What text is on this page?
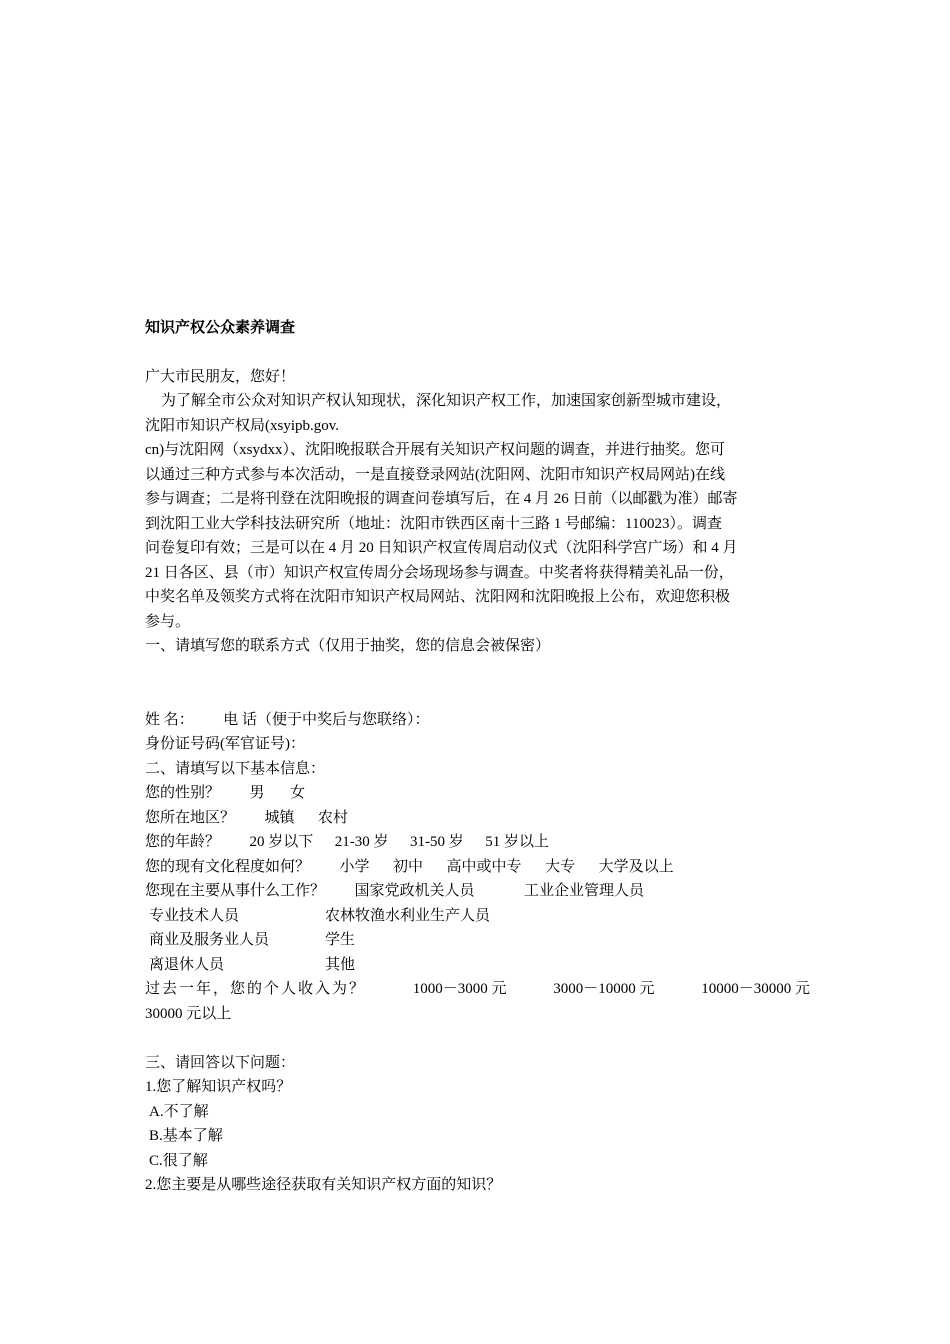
知识产权公众素养调查
广大市民朋友，您好！
为了解全市公众对知识产权认知现状，深化知识产权工作，加速国家创新型城市建设，
沈阳市知识产权局(xsyipb.gov.
cn)与沈阳网（xsydxx）、沈阳晚报联合开展有关知识产权问题的调查，并进行抽奖。您可
以通过三种方式参与本次活动，一是直接登录网站(沈阳网、沈阳市知识产权局网站)在线
参与调查；二是将刊登在沈阳晚报的调查问卷填写后，在 4 月 26 日前（以邮戳为准）邮寄
到沈阳工业大学科技法研究所（地址：沈阳市铁西区南十三路 1 号邮编：110023）。调查
问卷复印有效；三是可以在 4 月 20 日知识产权宣传周启动仪式（沈阳科学宫广场）和 4 月
21 日各区、县（市）知识产权宣传周分会场现场参与调查。中奖者将获得精美礼品一份，
中奖名单及领奖方式将在沈阳市知识产权局网站、沈阳网和沈阳晚报上公布，欢迎您积极
参与。
一、请填写您的联系方式（仅用于抽奖，您的信息会被保密）
姓 名： 电 话（便于中奖后与您联络）：
身份证号码(军官证号)：
二、请填写以下基本信息：
您的性别？ 男 女
您所在地区？ 城镇 农村
您的年龄？ 20 岁以下 21-30 岁 31-50 岁 51 岁以上
您的现有文化程度如何？ 小学 初中 高中或中专 大专 大学及以上
您现在主要从事什么工作？ 国家党政机关人员	工业企业管理人员
专业技术人员	农林牧渔水利业生产人员
商业及服务业人员	学生
离退休人员	其他
过去一年，您的个人收入为？	1000－3000 元	3000－10000 元	10000－30000 元
30000 元以上
三、请回答以下问题：
1.您了解知识产权吗？
A.不了解
B.基本了解
C.很了解
2.您主要是从哪些途径获取有关知识产权方面的知识？
